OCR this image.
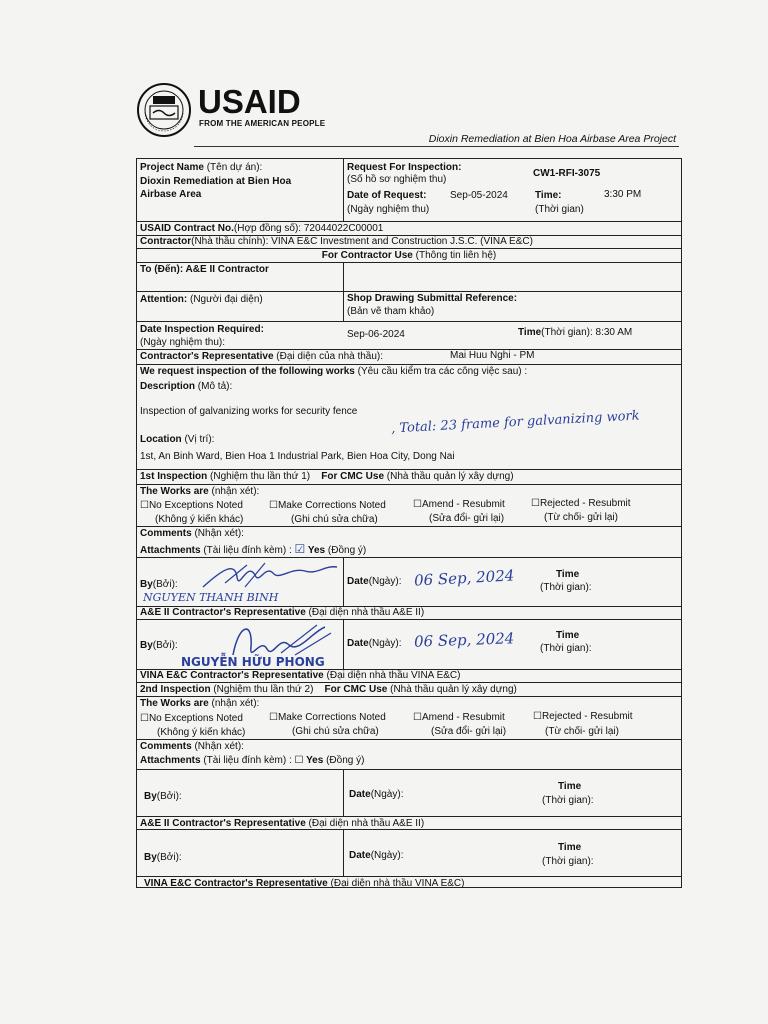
USAID
FROM THE AMERICAN PEOPLE
Dioxin Remediation at Bien Hoa Airbase Area Project
Project Name (Tên dự án):
Dioxin Remediation at Bien Hoa
Airbase Area
Request For Inspection:
(Số hồ sơ nghiệm thu)
CW1-RFI-3075
Date of Request: Sep-05-2024
(Ngày nghiệm thu)
Time:	3:30 PM
(Thời gian)
USAID Contract No.(Hợp đồng số): 72044022C00001
Contractor(Nhà thầu chính): VINA E&C Investment and Construction J.S.C. (VINA E&C)
For Contractor Use (Thông tin liên hệ)
To (Đến): A&E II Contractor
Attention: (Người đại diện)	Shop Drawing Submittal Reference:
(Bản vẽ tham khảo)
Date Inspection Required:
(Ngày nghiệm thu):
Sep-06-2024	Time(Thời gian): 8:30 AM
Contractor's Representative (Đại diện của nhà thầu):	Mai Huu Nghi - PM
We request inspection of the following works (Yêu cầu kiểm tra các công việc sau) :
Description (Mô tả):
Inspection of galvanizing works for security fence	, Total: 23 frame for galvanizing work
Location (Vị trí):
1st, An Binh Ward, Bien Hoa 1 Industrial Park, Bien Hoa City, Dong Nai
1st Inspection (Nghiệm thu lần thứ 1) For CMC Use (Nhà thầu quản lý xây dựng)
The Works are (nhận xét):
☐No Exceptions Noted	☐Make Corrections Noted	☐Amend - Resubmit	☐Rejected - Resubmit
(Không ý kiến khác)	(Ghi chú sửa chữa)	(Sửa đổi- gửi lại)	(Từ chối- gửi lại)
Comments (Nhận xét):
Attachments (Tài liệu đính kèm) : ☑ Yes (Đồng ý)
By(Bởi):
NGUYEN THANH BINH
Date(Ngày): 06 Sep, 2024	Time
(Thời gian):
A&E II Contractor's Representative (Đại diện nhà thầu A&E II)
By(Bởi):
NGUYỄN HỮU PHONG
Date(Ngày): 06 Sep, 2024	Time
(Thời gian):
VINA E&C Contractor's Representative (Đại diện nhà thầu VINA E&C)
2nd Inspection (Nghiệm thu lần thứ 2) For CMC Use (Nhà thầu quản lý xây dựng)
The Works are (nhận xét):
☐No Exceptions Noted	☐Make Corrections Noted	☐Amend - Resubmit	☐Rejected - Resubmit
(Không ý kiến khác)	(Ghi chú sửa chữa)	(Sửa đổi- gửi lại)	(Từ chối- gửi lại)
Comments (Nhận xét):
Attachments (Tài liệu đính kèm) : ☐ Yes (Đồng ý)
By(Bởi):	Date(Ngày):
Time
(Thời gian):
A&E II Contractor's Representative (Đại diện nhà thầu A&E II)
By(Bởi):	Date(Ngày):
Time
(Thời gian):
VINA E&C Contractor's Representative (Đại diện nhà thầu VINA E&C)
